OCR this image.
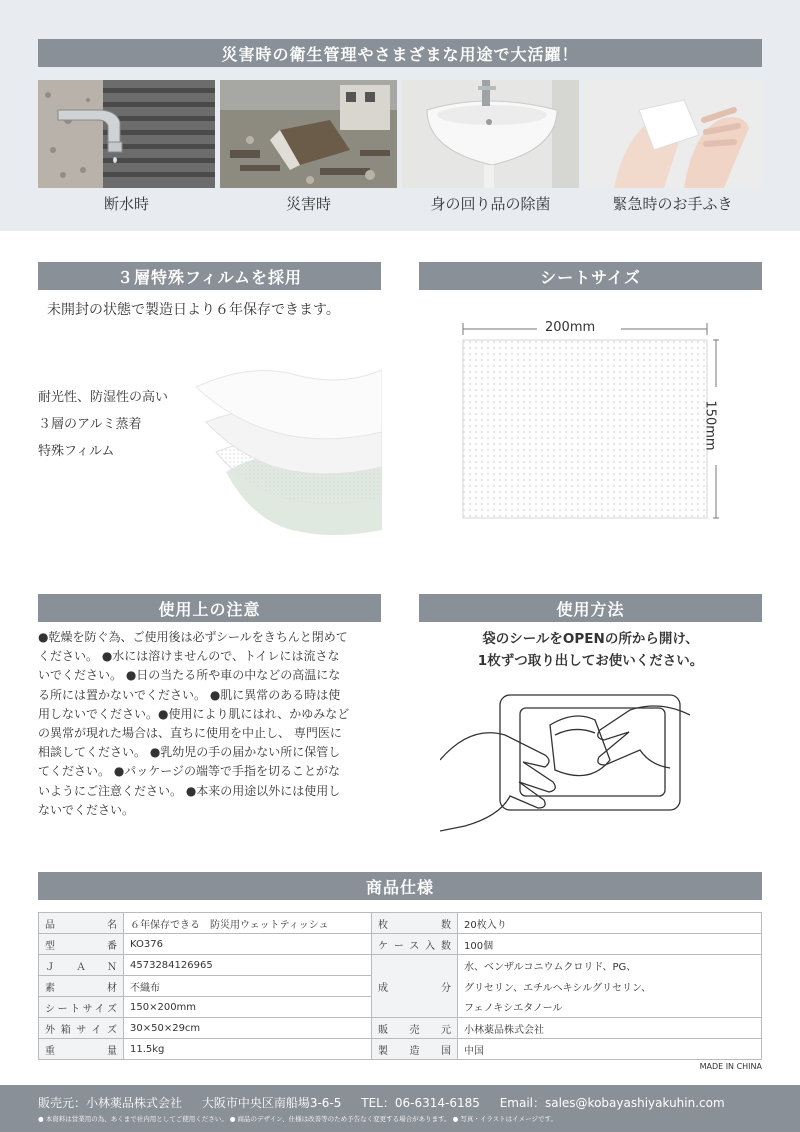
災害時の衛生管理やさまざまな用途で大活躍！
断水時	災害時	身の回り品の除菌	緊急時のお手ふき
３層特殊フィルムを採用
未開封の状態で製造日より６年保存できます。
耐光性、防湿性の高い
３層のアルミ蒸着
特殊フィルム
シートサイズ
200mm
150mm
使用上の注意
●乾燥を防ぐ為、ご使用後は必ずシールをきちんと閉めて
ください。 ●水には溶けませんので、トイレには流さな
いでください。 ●日の当たる所や車の中などの高温にな
る所には置かないでください。 ●肌に異常のある時は使
用しないでください。●使用により肌にはれ、かゆみなど
の異常が現れた場合は、直ちに使用を中止し、 専門医に
相談してください。 ●乳幼児の手の届かない所に保管し
てください。 ●パッケージの端等で手指を切ることがな
いようにご注意ください。 ●本来の用途以外には使用し
ないでください。
使用方法
袋のシールをOPENの所から開け、
1枚ずつ取り出してお使いください。
商品仕様
品　　名	６年保存できる　防災用ウェットティッシュ	枚　　数	20枚入り
型　　番	KO376	ケース入数	100個
Ｊ　Ａ　Ｎ	4573284126965	成　　分	水、ベンザルコニウムクロリド、PG、
素　　材	不織布		グリセリン、エチルヘキシルグリセリン、
シートサイズ	150×200mm		フェノキシエタノール
外箱サイズ	30×50×29cm	販　売　元	小林薬品株式会社
重　　量	11.5kg	製　造　国	中国
MADE IN CHINA
販売元：小林薬品株式会社 大阪市中央区南船場3-6-5 TEL：06-6314-6185 Email：sales@kobayashiyakuhin.com
● 本資料は営業用の為、あくまで社内用としてご使用ください。 ● 商品のデザイン、仕様は改善等のため予告なく変更する場合があります。 ● 写真・イラストはイメージです。
